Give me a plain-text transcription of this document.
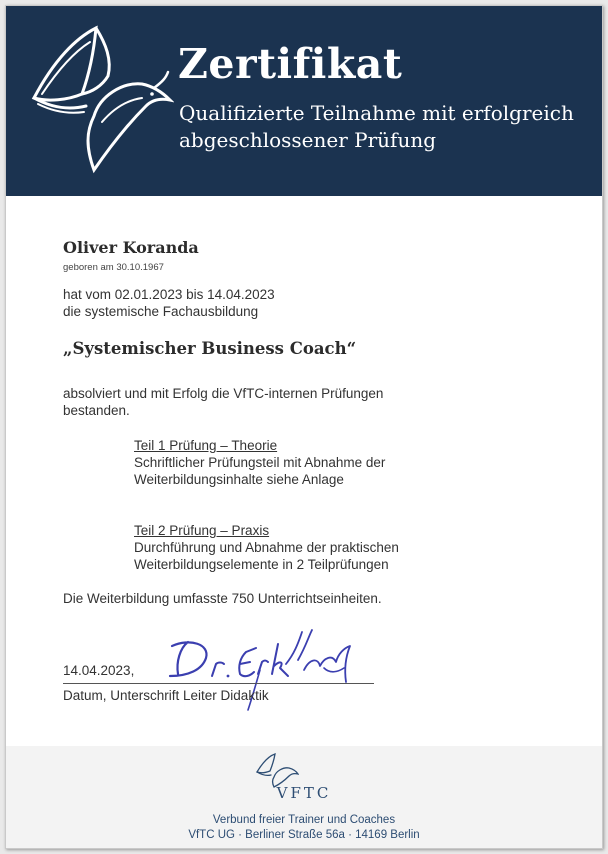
Zertifikat
Qualifizierte Teilnahme mit erfolgreich abgeschlossener Prüfung
Oliver Koranda
geboren am 30.10.1967
hat vom 02.01.2023 bis 14.04.2023
die systemische Fachausbildung
„Systemischer Business Coach“
absolviert und mit Erfolg die VfTC-internen Prüfungen
bestanden.
Teil 1 Prüfung – Theorie
Schriftlicher Prüfungsteil mit Abnahme der
Weiterbildungsinhalte siehe Anlage
Teil 2 Prüfung – Praxis
Durchführung und Abnahme der praktischen
Weiterbildungselemente in 2 Teilprüfungen
Die Weiterbildung umfasste 750 Unterrichtseinheiten.
14.04.2023,
Datum, Unterschrift Leiter Didaktik
VFTC
Verbund freier Trainer und Coaches
VfTC UG · Berliner Straße 56a · 14169 Berlin
